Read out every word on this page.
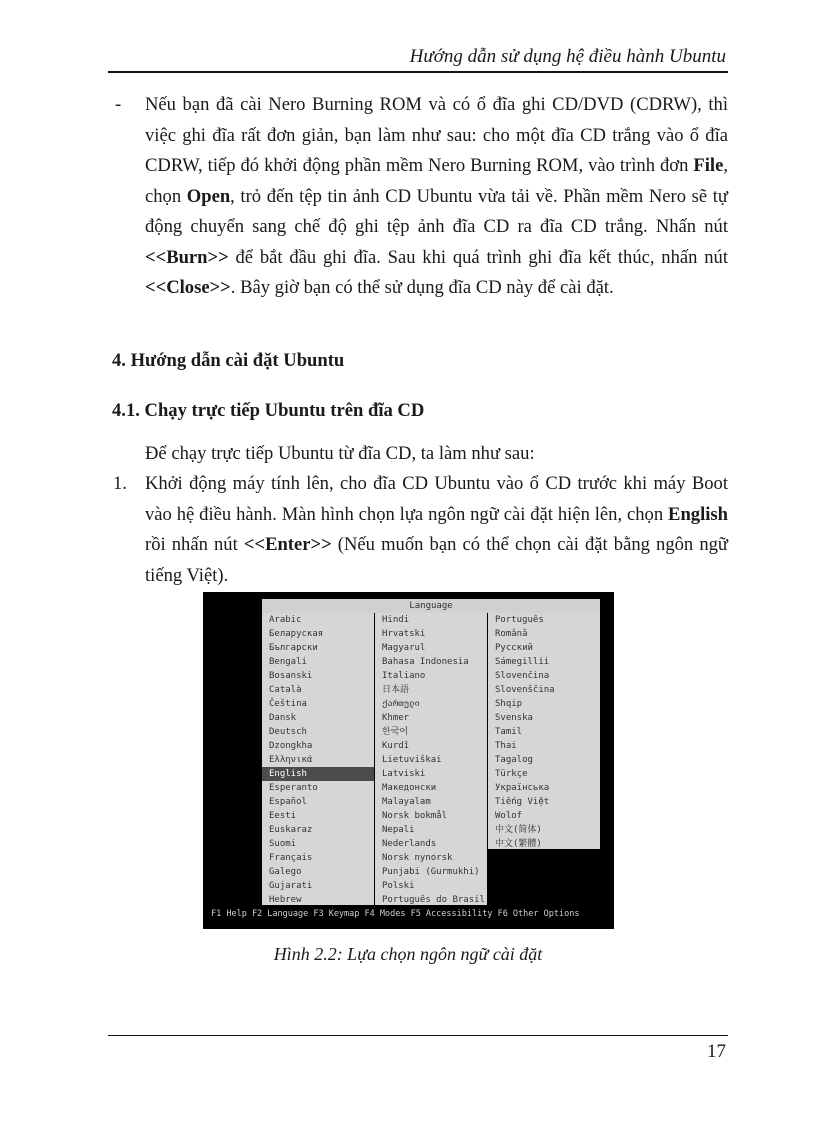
Hướng dẫn sử dụng hệ điều hành Ubuntu
- Nếu bạn đã cài Nero Burning ROM và có ổ đĩa ghi CD/DVD (CDRW), thì việc ghi đĩa rất đơn giản, bạn làm như sau: cho một đĩa CD trắng vào ổ đĩa CDRW, tiếp đó khởi động phần mềm Nero Burning ROM, vào trình đơn File, chọn Open, trỏ đến tệp tin ảnh CD Ubuntu vừa tải về. Phần mềm Nero sẽ tự động chuyển sang chế độ ghi tệp ảnh đĩa CD ra đĩa CD trắng. Nhấn nút <<Burn>> để bắt đầu ghi đĩa. Sau khi quá trình ghi đĩa kết thúc, nhấn nút <<Close>>. Bây giờ bạn có thể sử dụng đĩa CD này để cài đặt.
4. Hướng dẫn cài đặt Ubuntu
4.1. Chạy trực tiếp Ubuntu trên đĩa CD
Để chạy trực tiếp Ubuntu từ đĩa CD, ta làm như sau:
1. Khởi động máy tính lên, cho đĩa CD Ubuntu vào ổ CD trước khi máy Boot vào hệ điều hành. Màn hình chọn lựa ngôn ngữ cài đặt hiện lên, chọn English rồi nhấn nút <<Enter>> (Nếu muốn bạn có thể chọn cài đặt bằng ngôn ngữ tiếng Việt).
Language
Arabic
Беларуская
Български
Bengali
Bosanski
Català
Čeština
Dansk
Deutsch
Dzongkha
Ελληνικά
English
Esperanto
Español
Eesti
Euskaraz
Suomi
Français
Galego
Gujarati
Hebrew
Hindi
Hrvatski
Magyarul
Bahasa Indonesia
Italiano
日本語
ქართული
Khmer
한국어
Kurdî
Lietuviškai
Latviski
Македонски
Malayalam
Norsk bokmål
Nepali
Nederlands
Norsk nynorsk
Punjabi (Gurmukhi)
Polski
Português do Brasil
Português
Română
Русский
Sámegillii
Slovenčina
Slovenščina
Shqip
Svenska
Tamil
Thai
Tagalog
Türkçe
Українська
Tiếng Việt
Wolof
中文(简体)
中文(繁體)
F1 Help F2 Language F3 Keymap F4 Modes F5 Accessibility F6 Other Options
Hình 2.2: Lựa chọn ngôn ngữ cài đặt
17
